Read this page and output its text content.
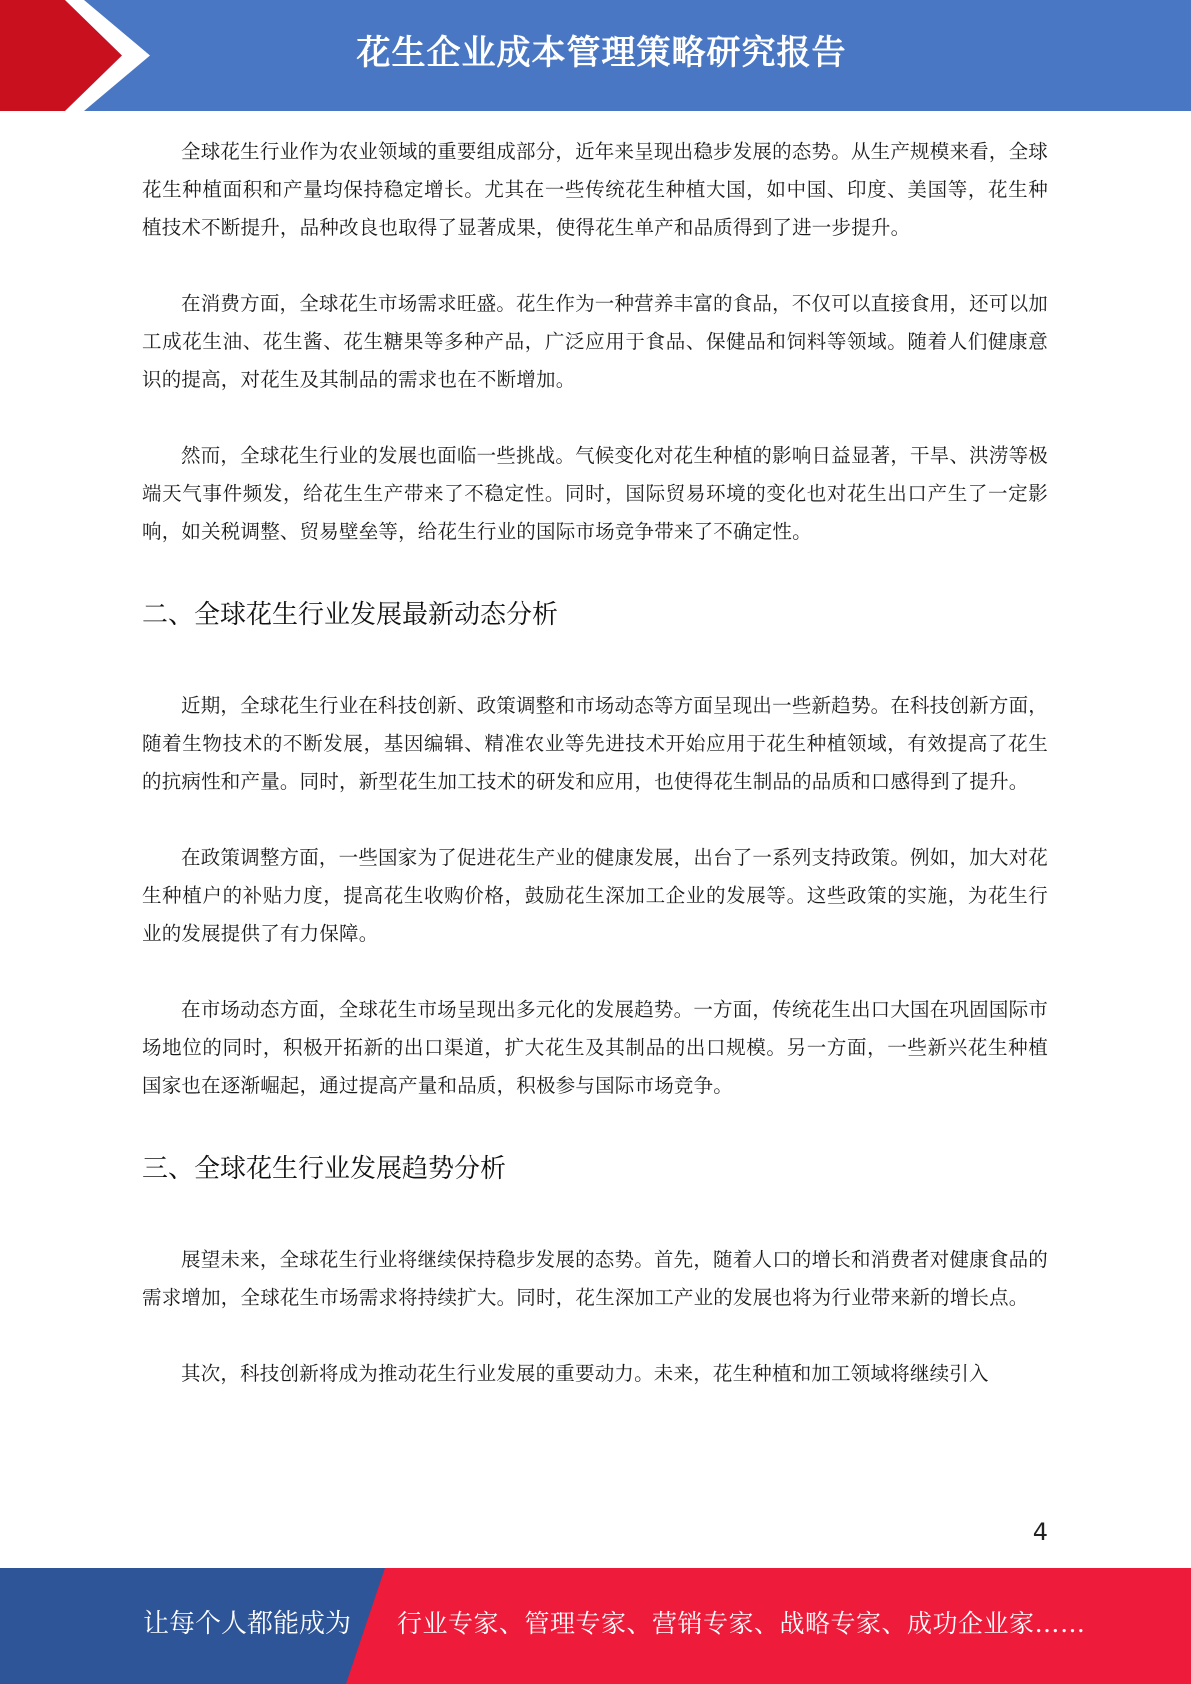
花生企业成本管理策略研究报告

全球花生行业作为农业领域的重要组成部分，近年来呈现出稳步发展的态势。从生产规模来看，全球花生种植面积和产量均保持稳定增长。尤其在一些传统花生种植大国，如中国、印度、美国等，花生种植技术不断提升，品种改良也取得了显著成果，使得花生单产和品质得到了进一步提升。

在消费方面，全球花生市场需求旺盛。花生作为一种营养丰富的食品，不仅可以直接食用，还可以加工成花生油、花生酱、花生糖果等多种产品，广泛应用于食品、保健品和饲料等领域。随着人们健康意识的提高，对花生及其制品的需求也在不断增加。

然而，全球花生行业的发展也面临一些挑战。气候变化对花生种植的影响日益显著，干旱、洪涝等极端天气事件频发，给花生生产带来了不稳定性。同时，国际贸易环境的变化也对花生出口产生了一定影响，如关税调整、贸易壁垒等，给花生行业的国际市场竞争带来了不确定性。

二、全球花生行业发展最新动态分析

近期，全球花生行业在科技创新、政策调整和市场动态等方面呈现出一些新趋势。在科技创新方面，随着生物技术的不断发展，基因编辑、精准农业等先进技术开始应用于花生种植领域，有效提高了花生的抗病性和产量。同时，新型花生加工技术的研发和应用，也使得花生制品的品质和口感得到了提升。

在政策调整方面，一些国家为了促进花生产业的健康发展，出台了一系列支持政策。例如，加大对花生种植户的补贴力度，提高花生收购价格，鼓励花生深加工企业的发展等。这些政策的实施，为花生行业的发展提供了有力保障。

在市场动态方面，全球花生市场呈现出多元化的发展趋势。一方面，传统花生出口大国在巩固国际市场地位的同时，积极开拓新的出口渠道，扩大花生及其制品的出口规模。另一方面，一些新兴花生种植国家也在逐渐崛起，通过提高产量和品质，积极参与国际市场竞争。

三、全球花生行业发展趋势分析

展望未来，全球花生行业将继续保持稳步发展的态势。首先，随着人口的增长和消费者对健康食品的需求增加，全球花生市场需求将持续扩大。同时，花生深加工产业的发展也将为行业带来新的增长点。

其次，科技创新将成为推动花生行业发展的重要动力。未来，花生种植和加工领域将继续引入

4
让每个人都能成为 行业专家、管理专家、营销专家、战略专家、成功企业家……
